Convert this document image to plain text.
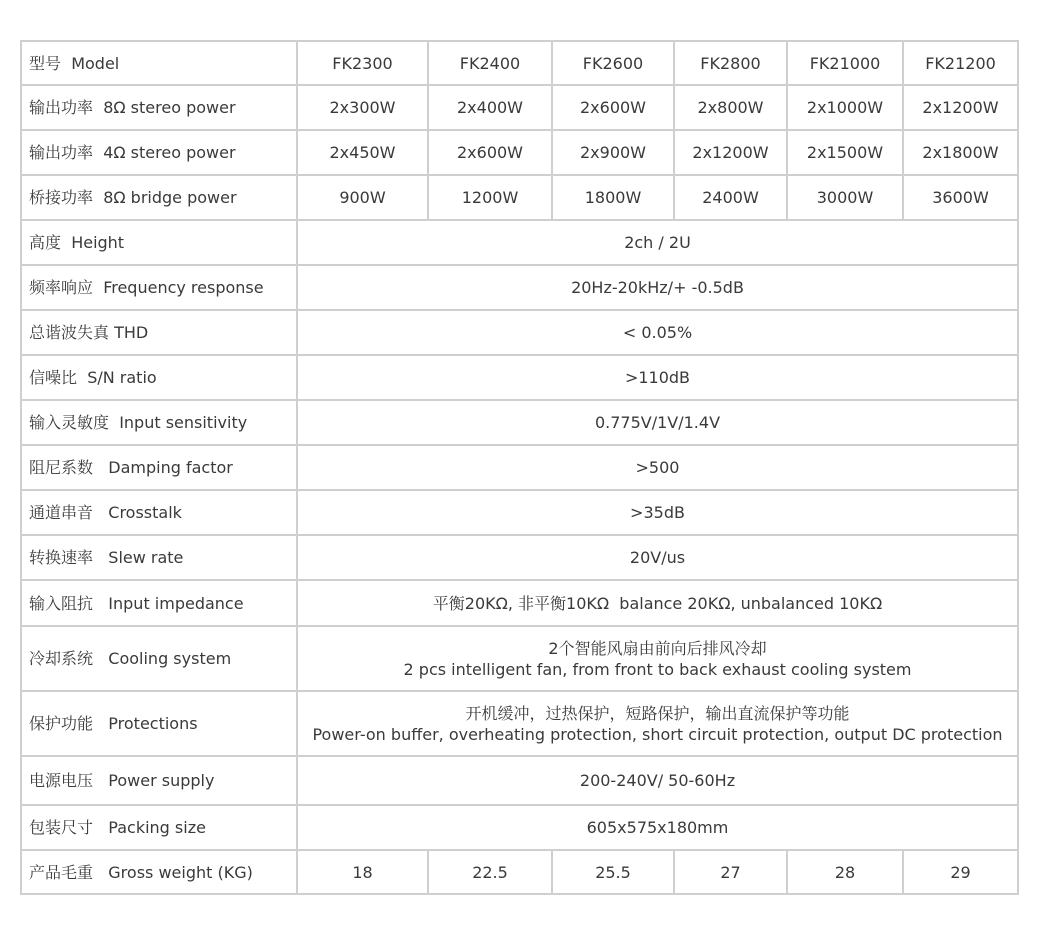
型号 Model	FK2300	FK2400	FK2600	FK2800	FK21000	FK21200
输出功率 8Ω stereo power	2x300W	2x400W	2x600W	2x800W	2x1000W	2x1200W
输出功率 4Ω stereo power	2x450W	2x600W	2x900W	2x1200W	2x1500W	2x1800W
桥接功率 8Ω bridge power	900W	1200W	1800W	2400W	3000W	3600W
高度 Height	2ch / 2U					
频率响应 Frequency response	20Hz-20kHz/+ -0.5dB					
总谐波失真 THD	< 0.05%					
信噪比 S/N ratio	>110dB					
输入灵敏度 Input sensitivity	0.775V/1V/1.4V					
阻尼系数 Damping factor	>500					
通道串音 Crosstalk	>35dB					
转换速率 Slew rate	20V/us					
输入阻抗 Input impedance	平衡20KΩ, 非平衡10KΩ  balance 20KΩ, unbalanced 10KΩ					
冷却系统 Cooling system	2个智能风扇由前向后排风冷却
2 pcs intelligent fan, from front to back exhaust cooling system					

保护功能 Protections	开机缓冲，过热保护，短路保护，输出直流保护等功能
Power-on buffer, overheating protection, short circuit protection, output DC protection					

电源电压 Power supply	200-240V/ 50-60Hz					
包装尺寸 Packing size	605x575x180mm					
产品毛重 Gross weight (KG)	18	22.5	25.5	27	28	29
